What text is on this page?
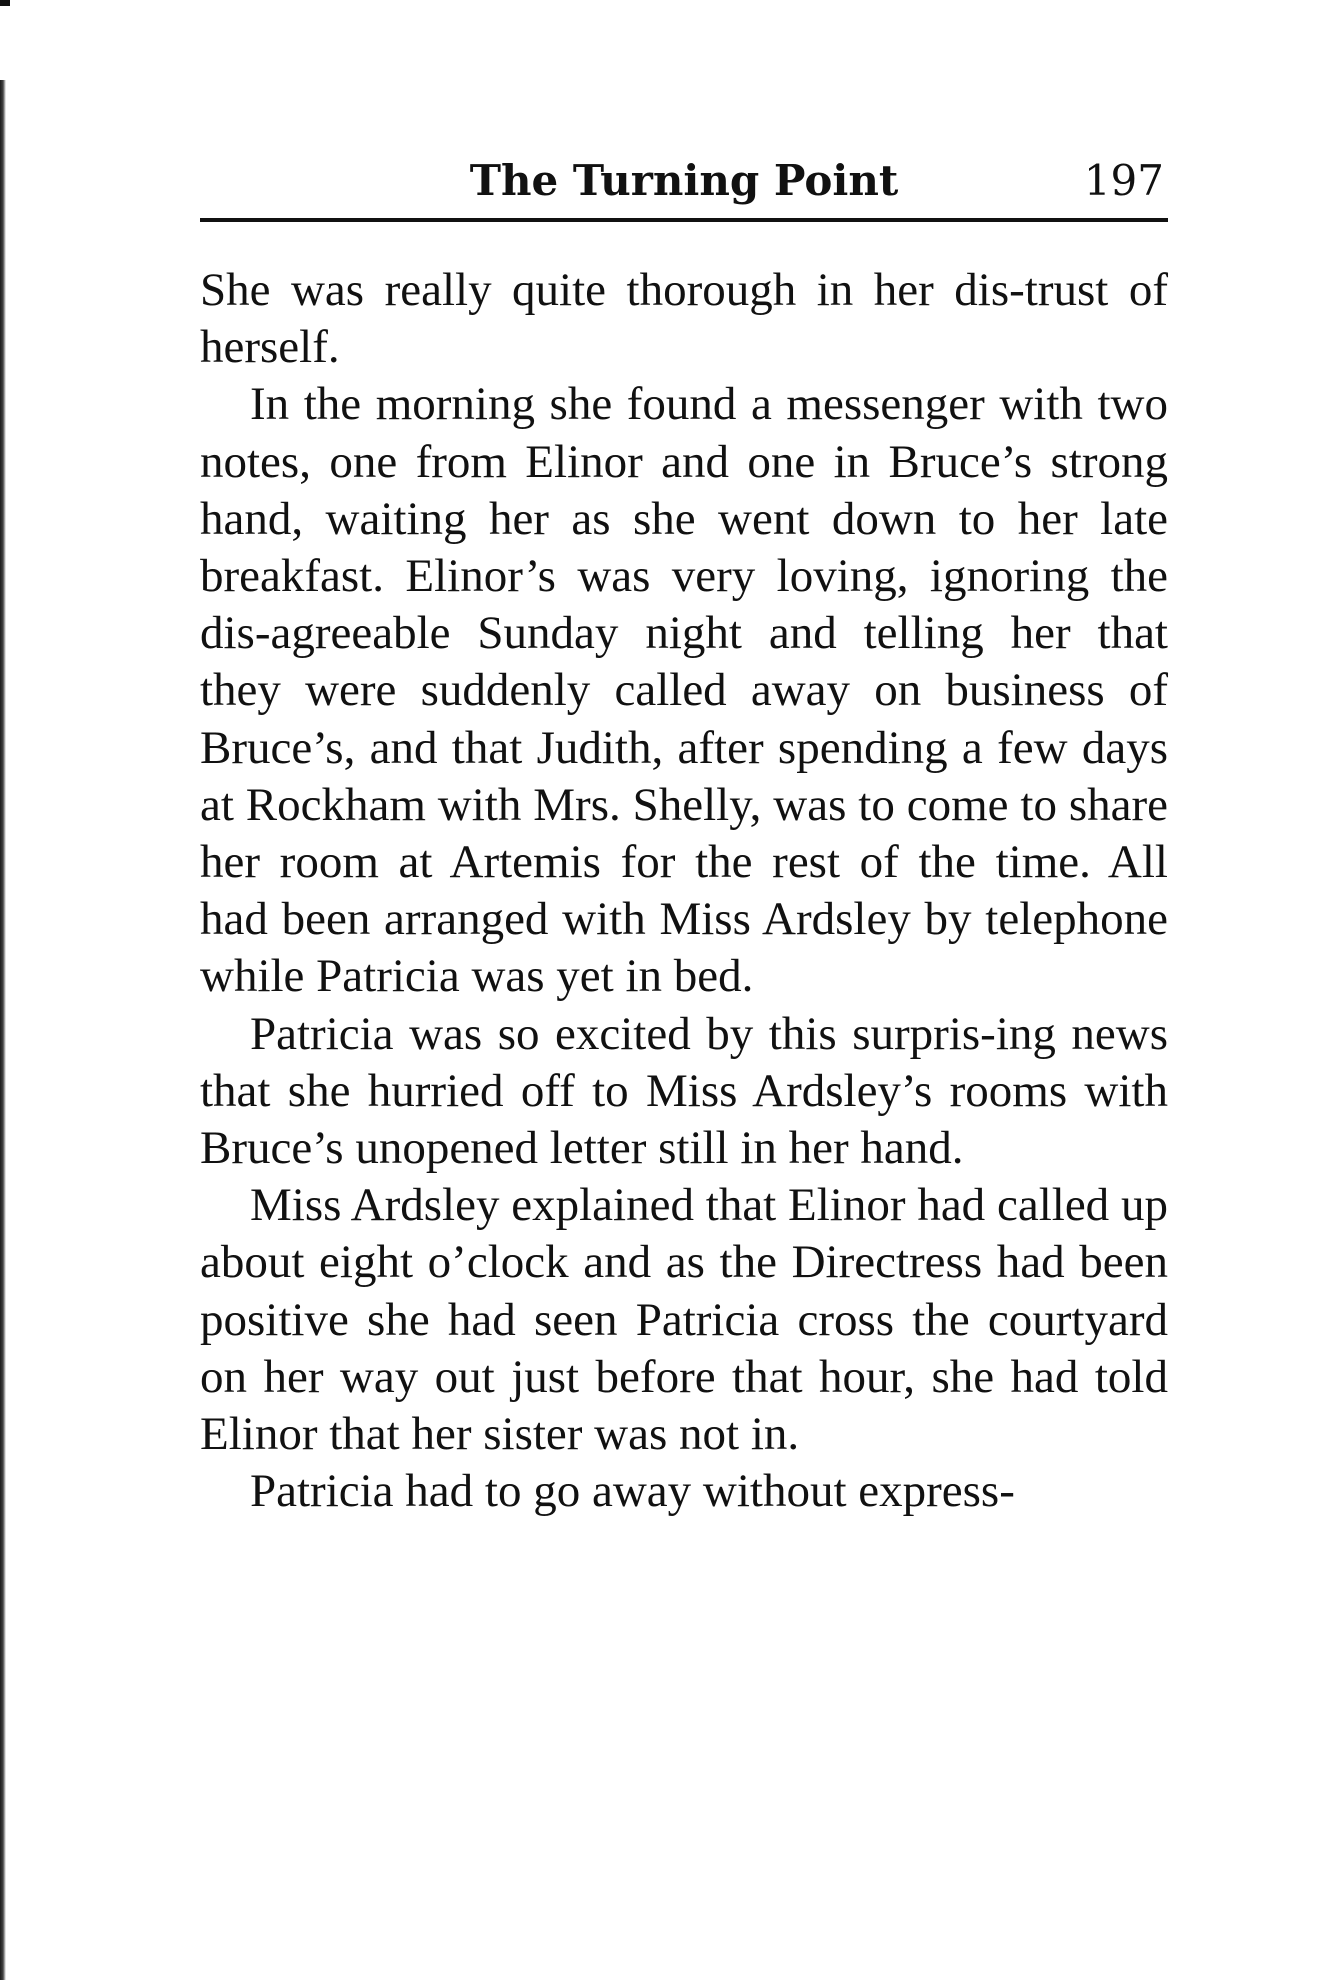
The Turning Point	197

She was really quite thorough in her dis-trust of herself.

In the morning she found a messenger with two notes, one from Elinor and one in Bruce’s strong hand, waiting her as she went down to her late breakfast. Elinor’s was very loving, ignoring the dis-agreeable Sunday night and telling her that they were suddenly called away on business of Bruce’s, and that Judith, after spending a few days at Rockham with Mrs. Shelly, was to come to share her room at Artemis for the rest of the time. All had been arranged with Miss Ardsley by telephone while Patricia was yet in bed.

Patricia was so excited by this surpris-ing news that she hurried off to Miss Ardsley’s rooms with Bruce’s unopened letter still in her hand.

Miss Ardsley explained that Elinor had called up about eight o’clock and as the Directress had been positive she had seen Patricia cross the courtyard on her way out just before that hour, she had told Elinor that her sister was not in.

Patricia had to go away without express-
